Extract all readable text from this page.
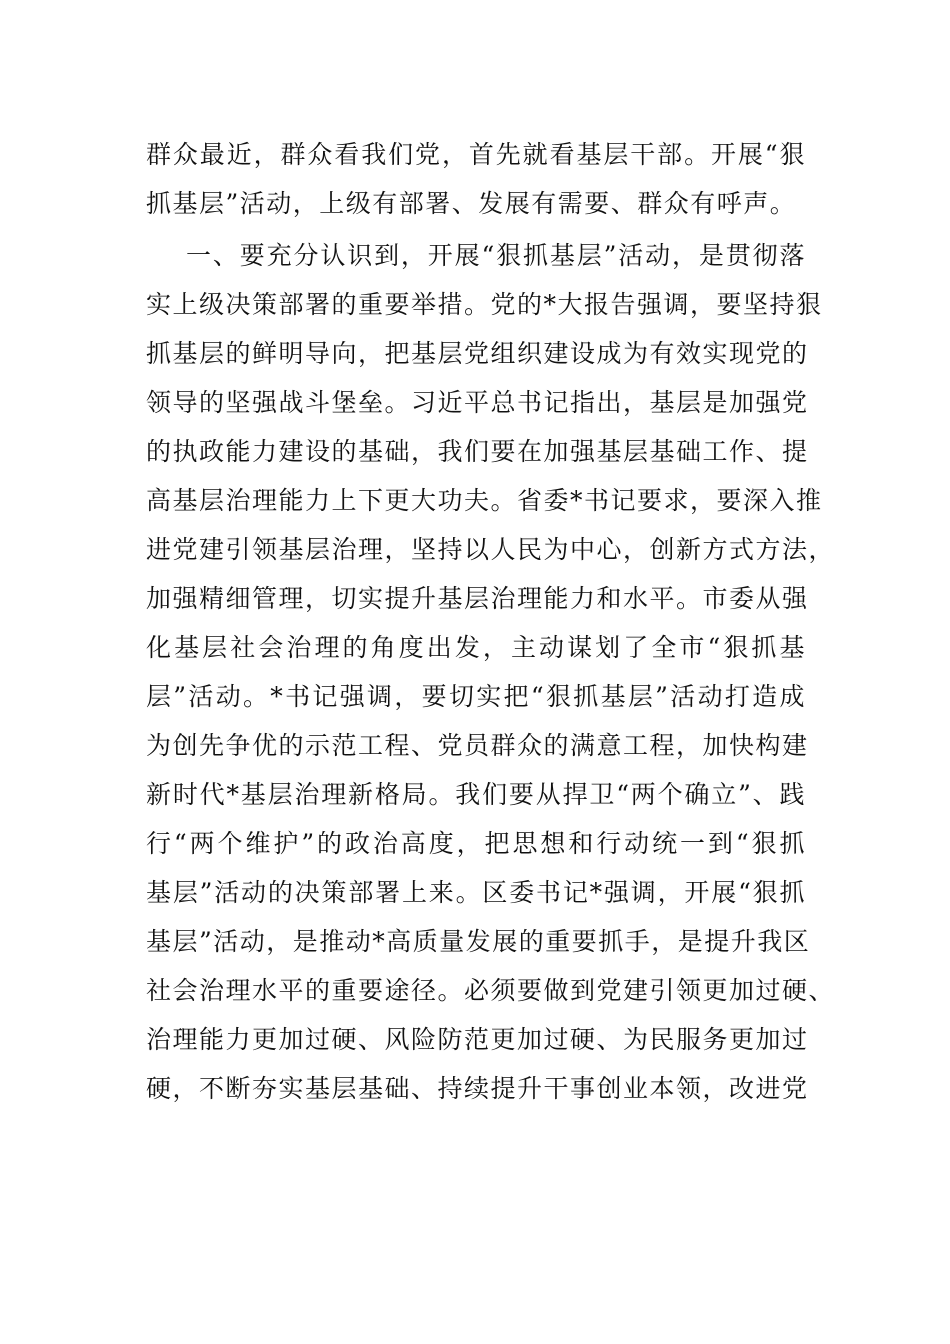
群众最近，群众看我们党，首先就看基层干部。开展“狠
抓基层”活动，上级有部署、发展有需要、群众有呼声。
一、要充分认识到，开展“狠抓基层”活动，是贯彻落
实上级决策部署的重要举措。党的*大报告强调，要坚持狠
抓基层的鲜明导向，把基层党组织建设成为有效实现党的
领导的坚强战斗堡垒。习近平总书记指出，基层是加强党
的执政能力建设的基础，我们要在加强基层基础工作、提
高基层治理能力上下更大功夫。省委*书记要求，要深入推
进党建引领基层治理，坚持以人民为中心，创新方式方法，
加强精细管理，切实提升基层治理能力和水平。市委从强
化基层社会治理的角度出发，主动谋划了全市“狠抓基
层”活动。*书记强调，要切实把“狠抓基层”活动打造成
为创先争优的示范工程、党员群众的满意工程，加快构建
新时代*基层治理新格局。我们要从捍卫“两个确立”、践
行“两个维护”的政治高度，把思想和行动统一到“狠抓
基层”活动的决策部署上来。区委书记*强调，开展“狠抓
基层”活动，是推动*高质量发展的重要抓手，是提升我区
社会治理水平的重要途径。必须要做到党建引领更加过硬、
治理能力更加过硬、风险防范更加过硬、为民服务更加过
硬，不断夯实基层基础、持续提升干事创业本领，改进党
